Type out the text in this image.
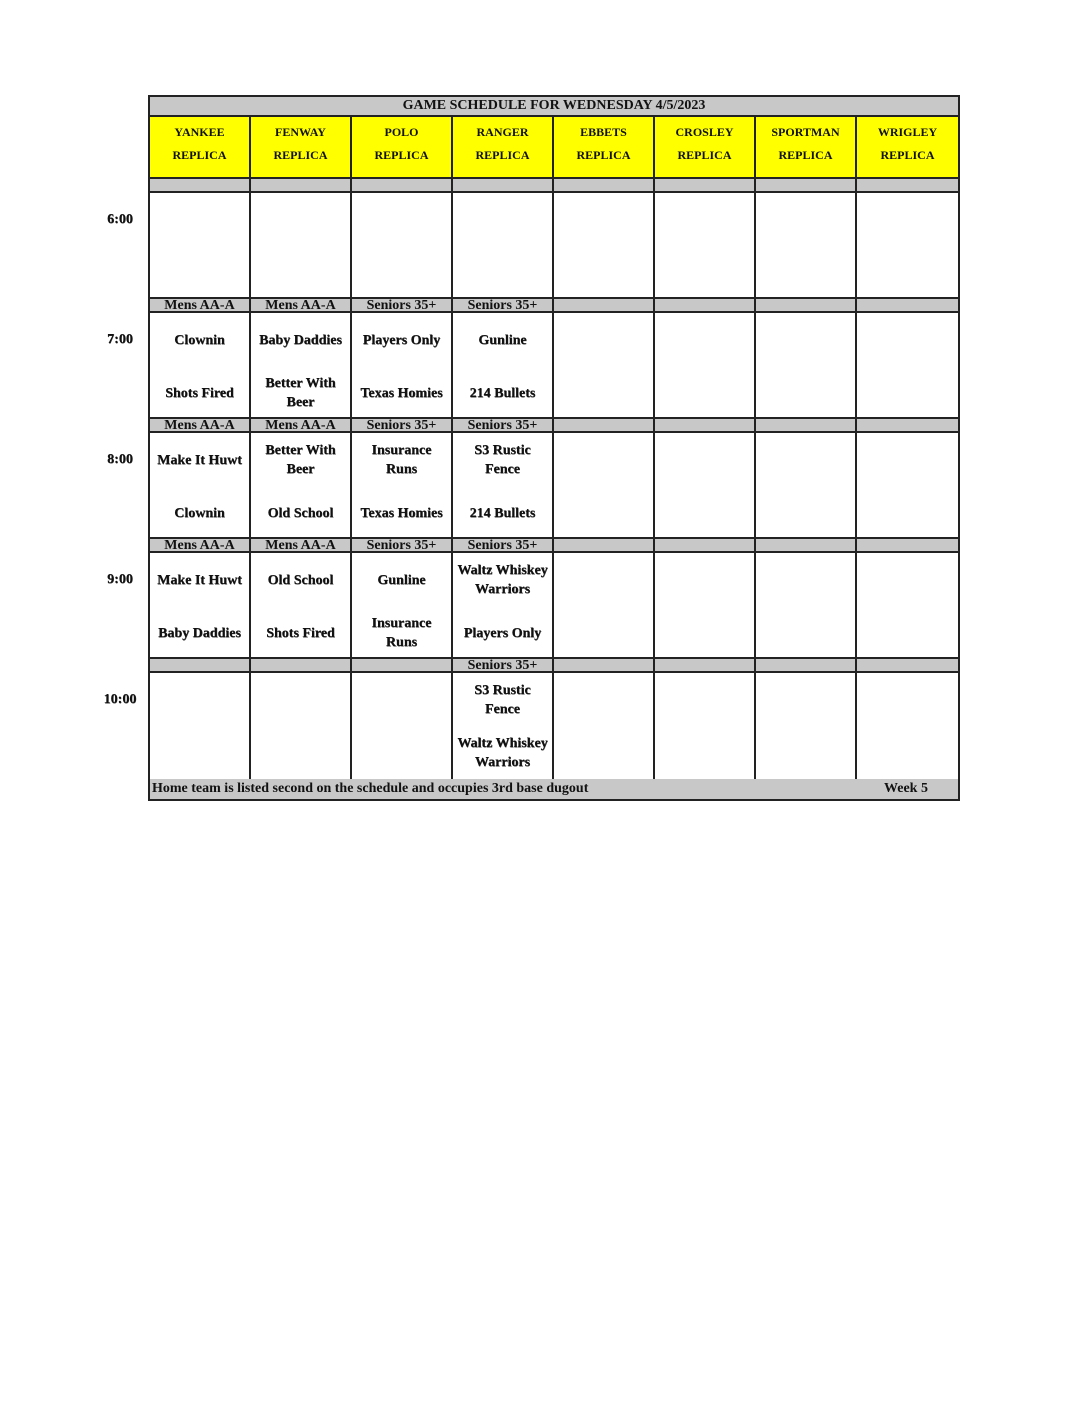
GAME SCHEDULE FOR WEDNESDAY 4/5/2023
Home team is listed second on the schedule and occupies 3rd base dugout	Week 5
YANKEE
REPLICA
FENWAY
REPLICA
POLO
REPLICA
RANGER
REPLICA
EBBETS
REPLICA
CROSLEY
REPLICA
SPORTMAN
REPLICA
WRIGLEY
REPLICA
6:00
7:00
Mens AA-A
Clownin
Shots Fired
Mens AA-A
Baby Daddies
Better With Beer
Seniors 35+
Players Only
Texas Homies
Seniors 35+
Gunline
214 Bullets
8:00
Mens AA-A
Make It Huwt
Clownin
Mens AA-A
Better With Beer
Old School
Seniors 35+
Insurance Runs
Texas Homies
Seniors 35+
S3 Rustic Fence
214 Bullets
9:00
Mens AA-A
Make It Huwt
Baby Daddies
Mens AA-A
Old School
Shots Fired
Seniors 35+
Gunline
Insurance Runs
Seniors 35+
Waltz Whiskey Warriors
Players Only
10:00
Seniors 35+
S3 Rustic Fence
Waltz Whiskey Warriors
